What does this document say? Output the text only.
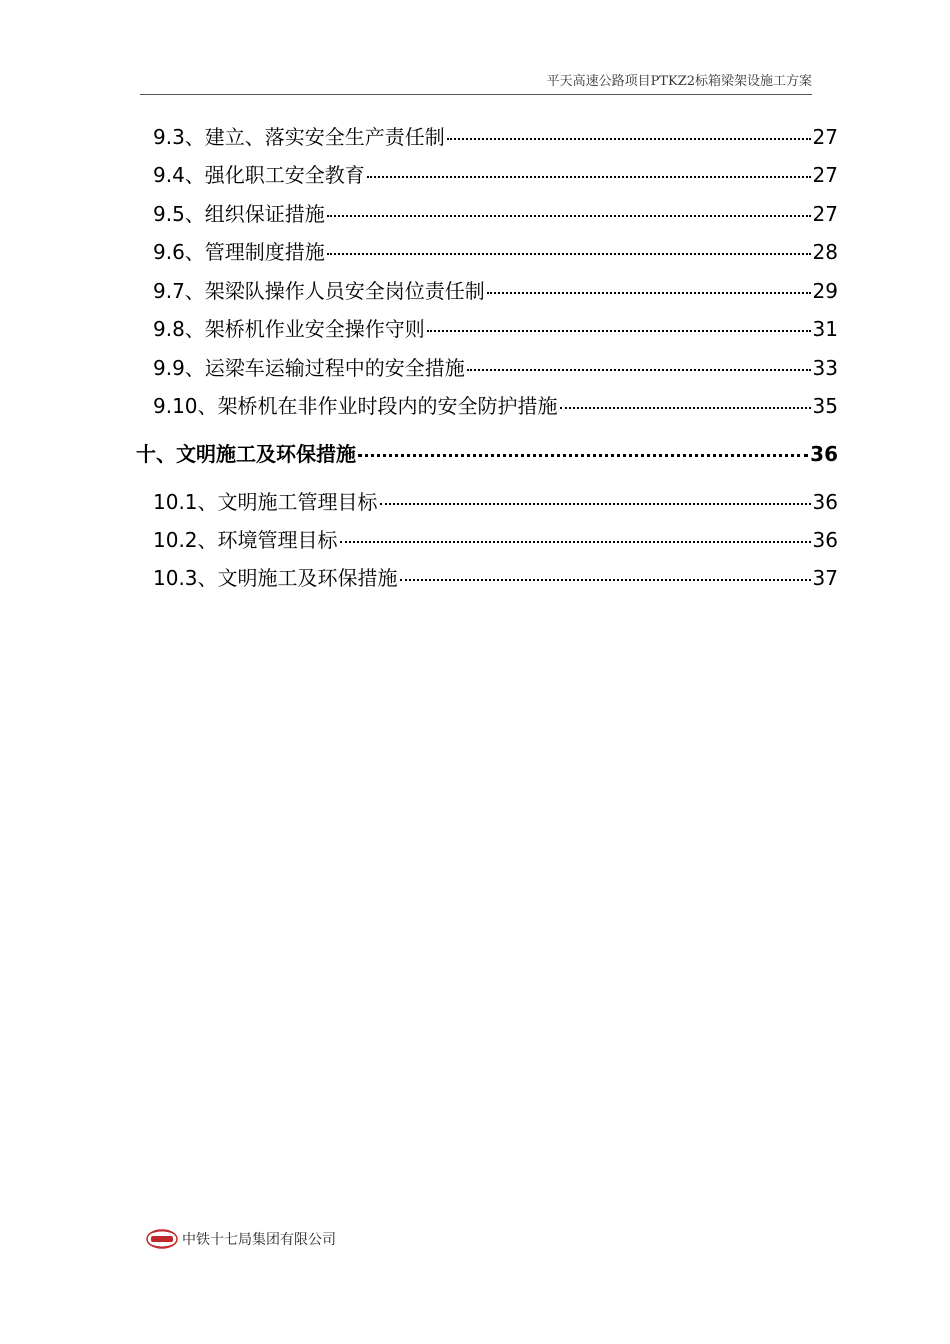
平天高速公路项目PTKZ2标箱梁架设施工方案
9.3、建立、落实安全生产责任制	27
9.4、强化职工安全教育	27
9.5、组织保证措施	27
9.6、管理制度措施	28
9.7、架梁队操作人员安全岗位责任制	29
9.8、架桥机作业安全操作守则	31
9.9、运梁车运输过程中的安全措施	33
9.10、架桥机在非作业时段内的安全防护措施	35
十、文明施工及环保措施	36
10.1、文明施工管理目标	36
10.2、环境管理目标	36
10.3、文明施工及环保措施	37
中铁十七局集团有限公司
